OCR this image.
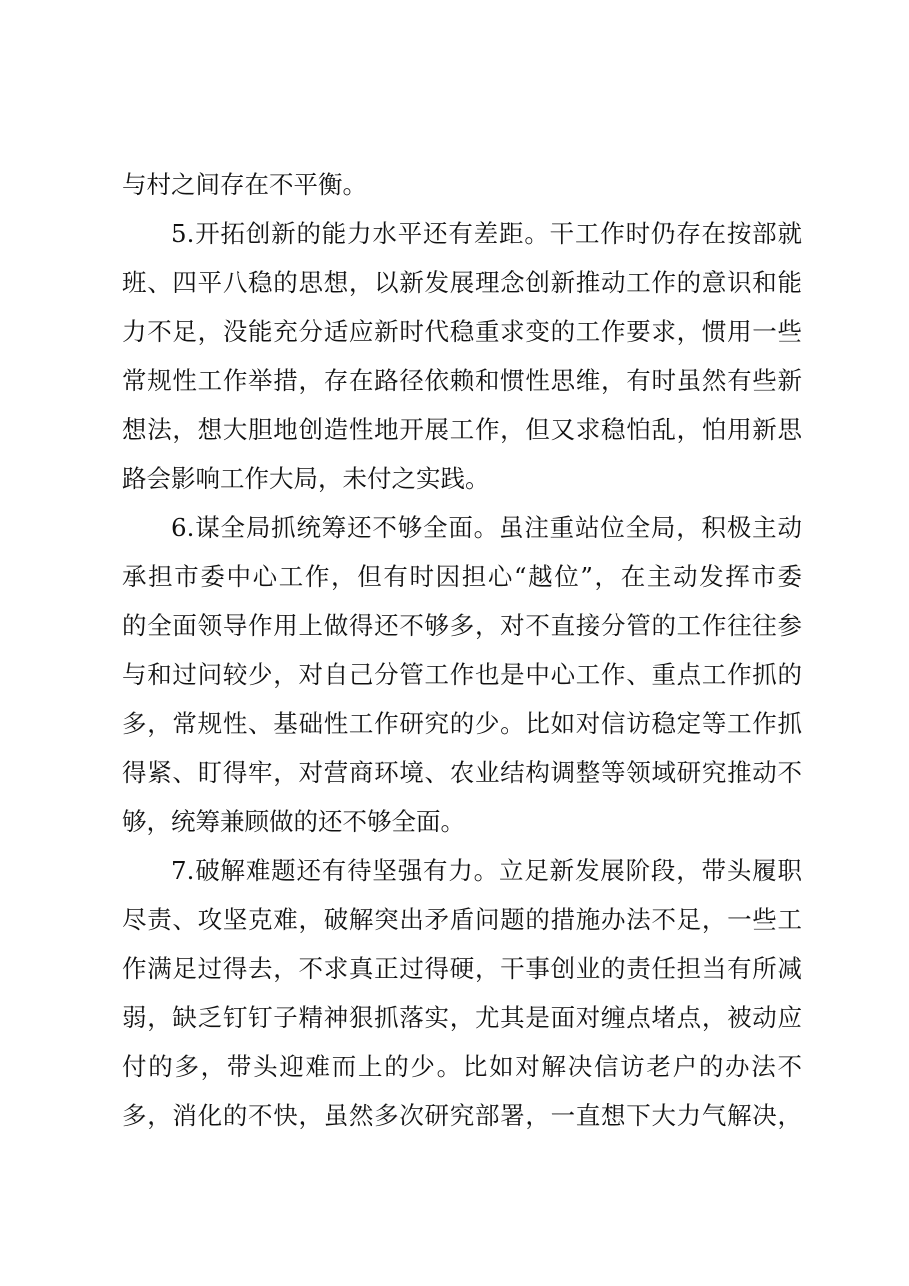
与村之间存在不平衡。
5.开拓创新的能力水平还有差距。干工作时仍存在按部就
班、四平八稳的思想，以新发展理念创新推动工作的意识和能
力不足，没能充分适应新时代稳重求变的工作要求，惯用一些
常规性工作举措，存在路径依赖和惯性思维，有时虽然有些新
想法，想大胆地创造性地开展工作，但又求稳怕乱，怕用新思
路会影响工作大局，未付之实践。
6.谋全局抓统筹还不够全面。虽注重站位全局，积极主动
承担市委中心工作，但有时因担心“越位”，在主动发挥市委
的全面领导作用上做得还不够多，对不直接分管的工作往往参
与和过问较少，对自己分管工作也是中心工作、重点工作抓的
多，常规性、基础性工作研究的少。比如对信访稳定等工作抓
得紧、盯得牢，对营商环境、农业结构调整等领域研究推动不
够，统筹兼顾做的还不够全面。
7.破解难题还有待坚强有力。立足新发展阶段，带头履职
尽责、攻坚克难，破解突出矛盾问题的措施办法不足，一些工
作满足过得去，不求真正过得硬，干事创业的责任担当有所减
弱，缺乏钉钉子精神狠抓落实，尤其是面对缠点堵点，被动应
付的多，带头迎难而上的少。比如对解决信访老户的办法不
多，消化的不快，虽然多次研究部署，一直想下大力气解决，
